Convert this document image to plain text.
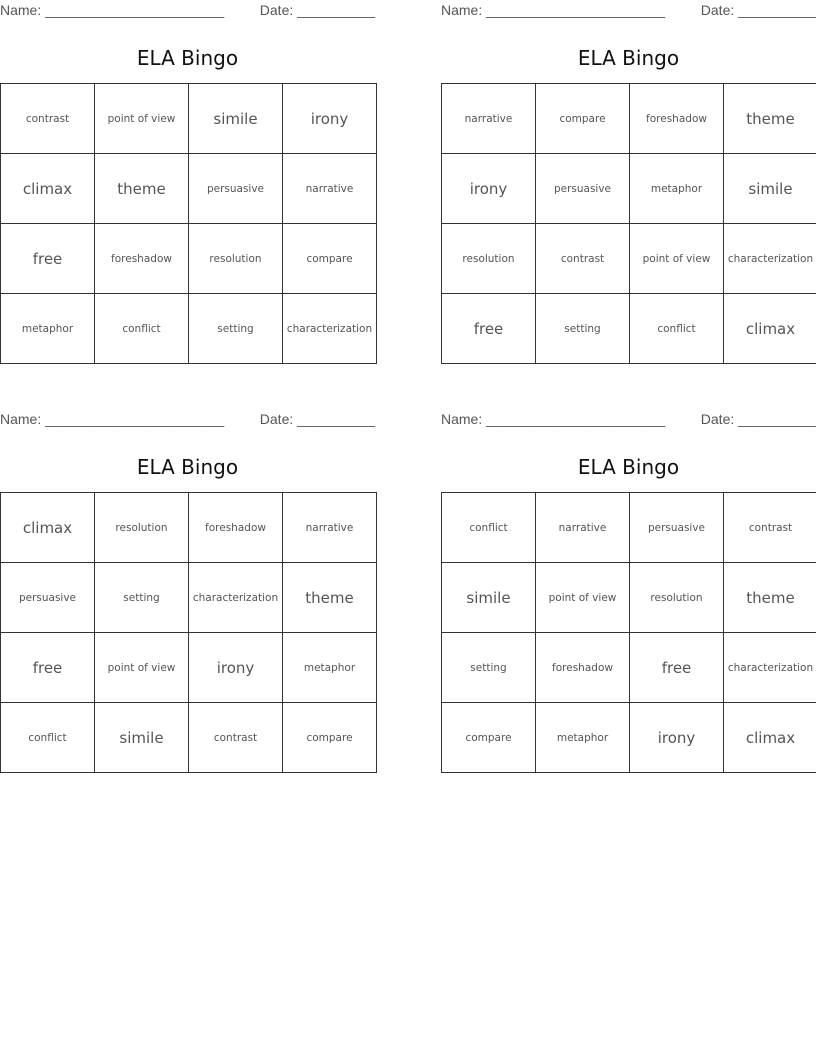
Name: _______________________	Date: __________
ELA Bingo
contrast	point of view	simile	irony
climax	theme	persuasive	narrative
free	foreshadow	resolution	compare
metaphor	conflict	setting	characterization
Name: _______________________	Date: __________
ELA Bingo
narrative	compare	foreshadow	theme
irony	persuasive	metaphor	simile
resolution	contrast	point of view	characterization
free	setting	conflict	climax
Name: _______________________	Date: __________
ELA Bingo
climax	resolution	foreshadow	narrative
persuasive	setting	characterization	theme
free	point of view	irony	metaphor
conflict	simile	contrast	compare
Name: _______________________	Date: __________
ELA Bingo
conflict	narrative	persuasive	contrast
simile	point of view	resolution	theme
setting	foreshadow	free	characterization
compare	metaphor	irony	climax
